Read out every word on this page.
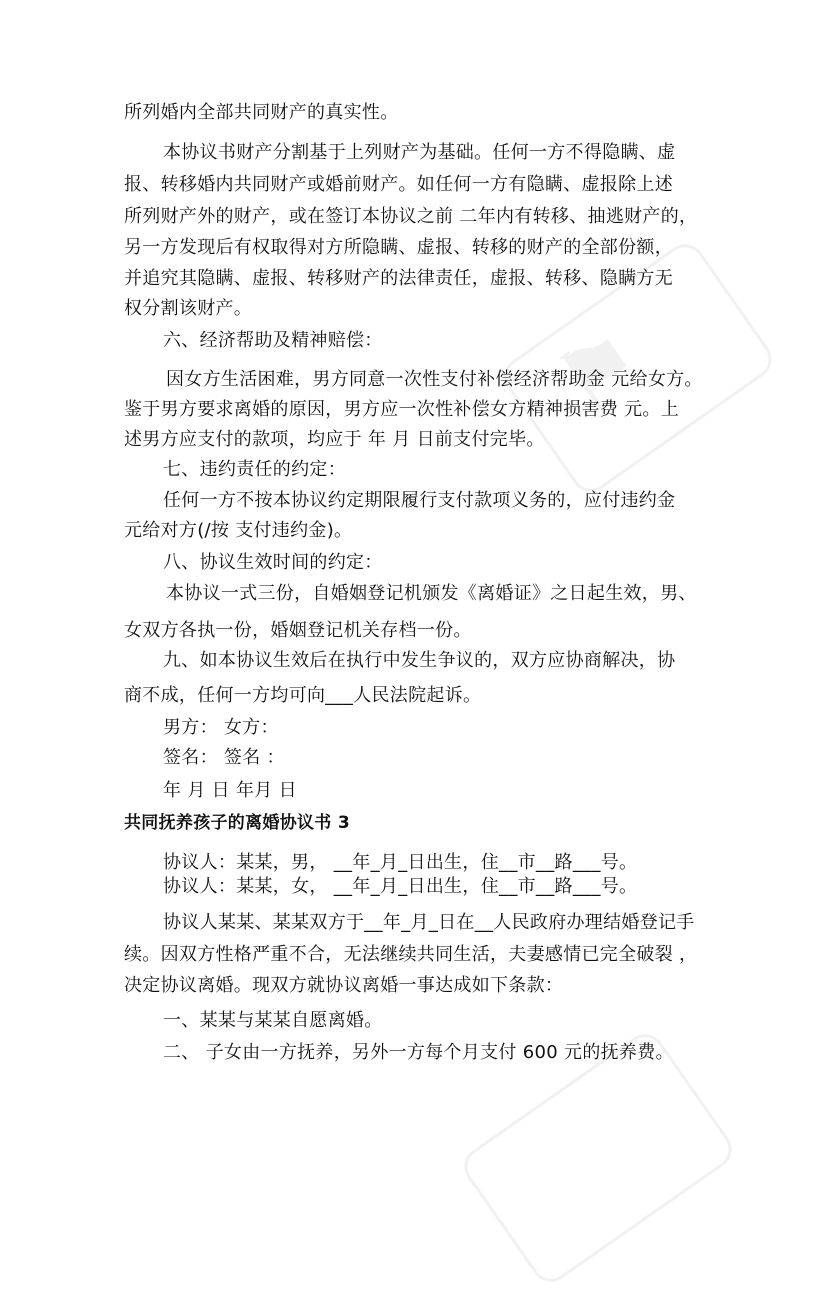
⚑
所列婚内全部共同财产的真实性。
本协议书财产分割基于上列财产为基础。任何一方不得隐瞒、虚
报、转移婚内共同财产或婚前财产。如任何一方有隐瞒、虚报除上述
所列财产外的财产，或在签订本协议之前 二年内有转移、抽逃财产的，
另一方发现后有权取得对方所隐瞒、虚报、转移的财产的全部份额，
并追究其隐瞒、虚报、转移财产的法律责任，虚报、转移、隐瞒方无
权分割该财产。
六、经济帮助及精神赔偿：
因女方生活困难，男方同意一次性支付补偿经济帮助金 元给女方。
鉴于男方要求离婚的原因，男方应一次性补偿女方精神损害费 元。上
述男方应支付的款项，均应于 年 月 日前支付完毕。
七、违约责任的约定：
任何一方不按本协议约定期限履行支付款项义务的，应付违约金
元给对方(/按 支付违约金)。
八、协议生效时间的约定：
本协议一式三份，自婚姻登记机颁发《离婚证》之日起生效，男、
女双方各执一份，婚姻登记机关存档一份。
九、如本协议生效后在执行中发生争议的，双方应协商解决，协
商不成，任何一方均可向___人民法院起诉。
男方： 女方：
签名： 签名 ：
年 月 日 年月 日
共同抚养孩子的离婚协议书 3
协议人：某某，男， __年_月_日出生，住__市__路___号。
协议人：某某，女， __年_月_日出生，住__市__路___号。
协议人某某、某某双方于__年_月_日在__人民政府办理结婚登记手
续。因双方性格严重不合，无法继续共同生活，夫妻感情已完全破裂 ，
决定协议离婚。现双方就协议离婚一事达成如下条款：
一、某某与某某自愿离婚。
二、 子女由一方抚养，另外一方每个月支付 600 元的抚养费。
